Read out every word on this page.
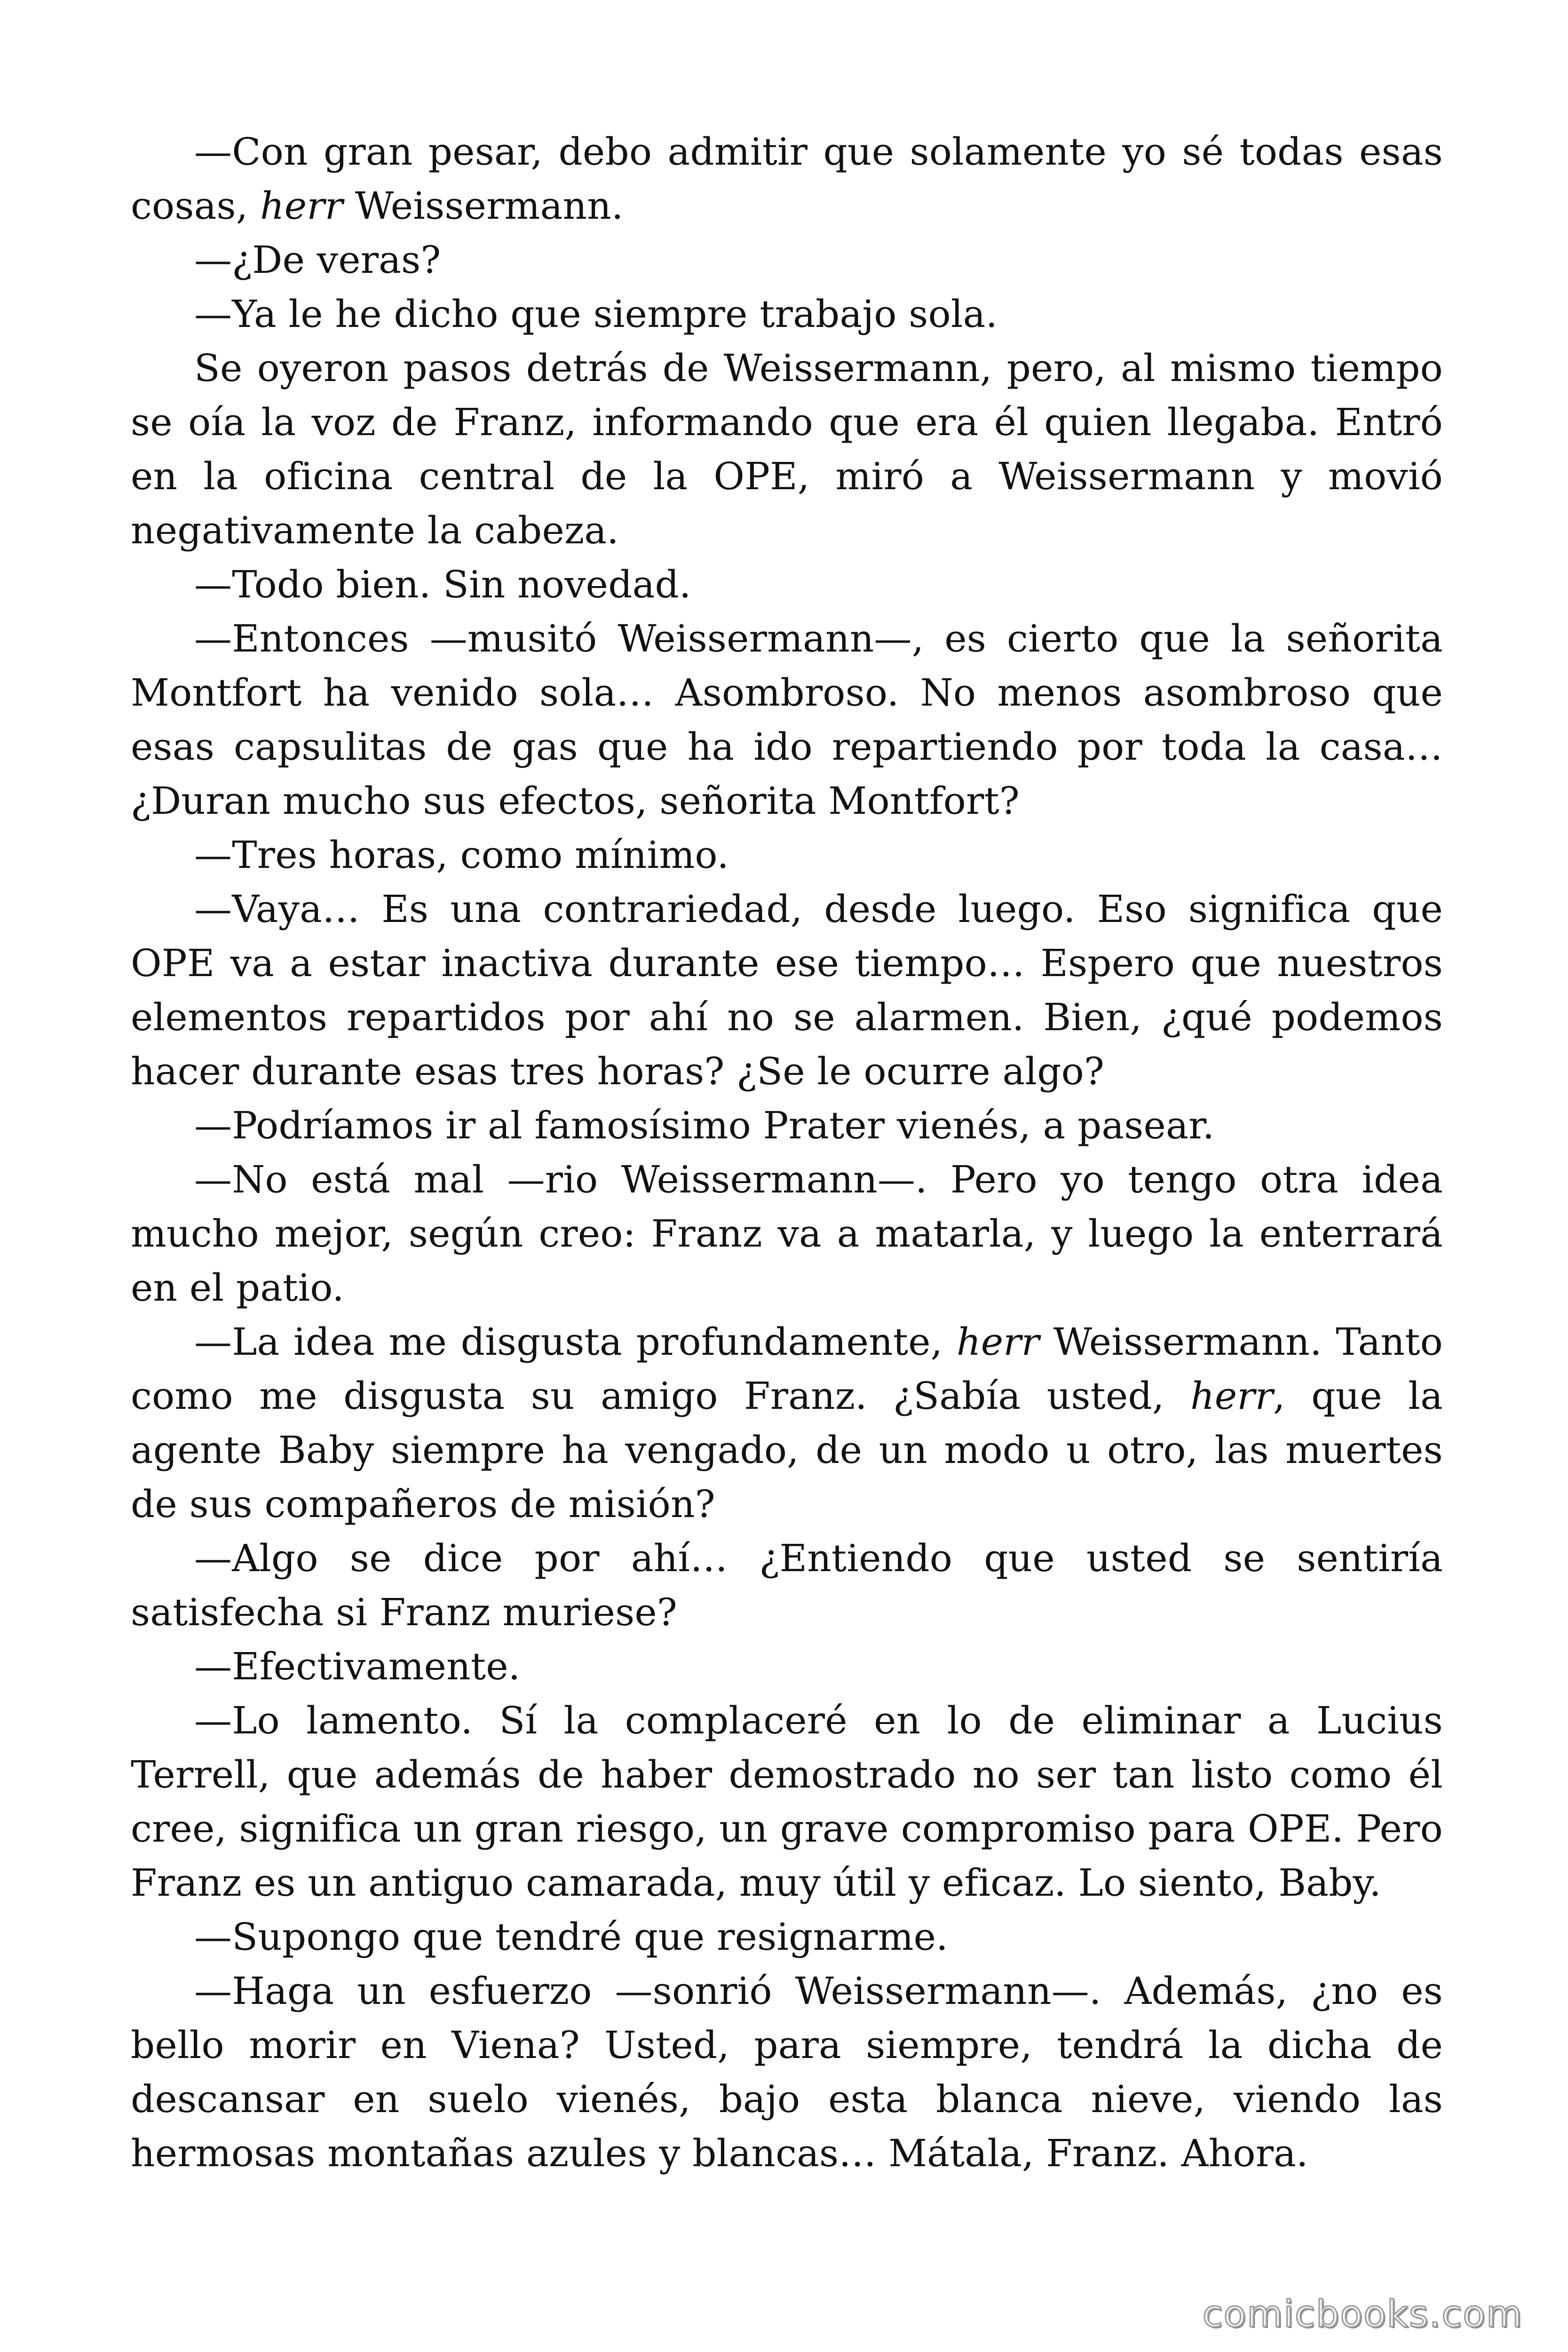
—Con gran pesar, debo admitir que solamente yo sé todas esas cosas, herr Weissermann.

—¿De veras?

—Ya le he dicho que siempre trabajo sola.

Se oyeron pasos detrás de Weissermann, pero, al mismo tiempo se oía la voz de Franz, informando que era él quien llegaba. Entró en la oficina central de la OPE, miró a Weissermann y movió negativamente la cabeza.

—Todo bien. Sin novedad.

—Entonces —musitó Weissermann—, es cierto que la señorita Montfort ha venido sola… Asombroso. No menos asombroso que esas capsulitas de gas que ha ido repartiendo por toda la casa… ¿Duran mucho sus efectos, señorita Montfort?

—Tres horas, como mínimo.

—Vaya… Es una contrariedad, desde luego. Eso significa que OPE va a estar inactiva durante ese tiempo… Espero que nuestros elementos repartidos por ahí no se alarmen. Bien, ¿qué podemos hacer durante esas tres horas? ¿Se le ocurre algo?

—Podríamos ir al famosísimo Prater vienés, a pasear.

—No está mal —rio Weissermann—. Pero yo tengo otra idea mucho mejor, según creo: Franz va a matarla, y luego la enterrará en el patio.

—La idea me disgusta profundamente, herr Weissermann. Tanto como me disgusta su amigo Franz. ¿Sabía usted, herr, que la agente Baby siempre ha vengado, de un modo u otro, las muertes de sus compañeros de misión?

—Algo se dice por ahí… ¿Entiendo que usted se sentiría satisfecha si Franz muriese?

—Efectivamente.

—Lo lamento. Sí la complaceré en lo de eliminar a Lucius Terrell, que además de haber demostrado no ser tan listo como él cree, significa un gran riesgo, un grave compromiso para OPE. Pero Franz es un antiguo camarada, muy útil y eficaz. Lo siento, Baby.

—Supongo que tendré que resignarme.

—Haga un esfuerzo —sonrió Weissermann—. Además, ¿no es bello morir en Viena? Usted, para siempre, tendrá la dicha de descansar en suelo vienés, bajo esta blanca nieve, viendo las hermosas montañas azules y blancas… Mátala, Franz. Ahora.

comicbooks.com
